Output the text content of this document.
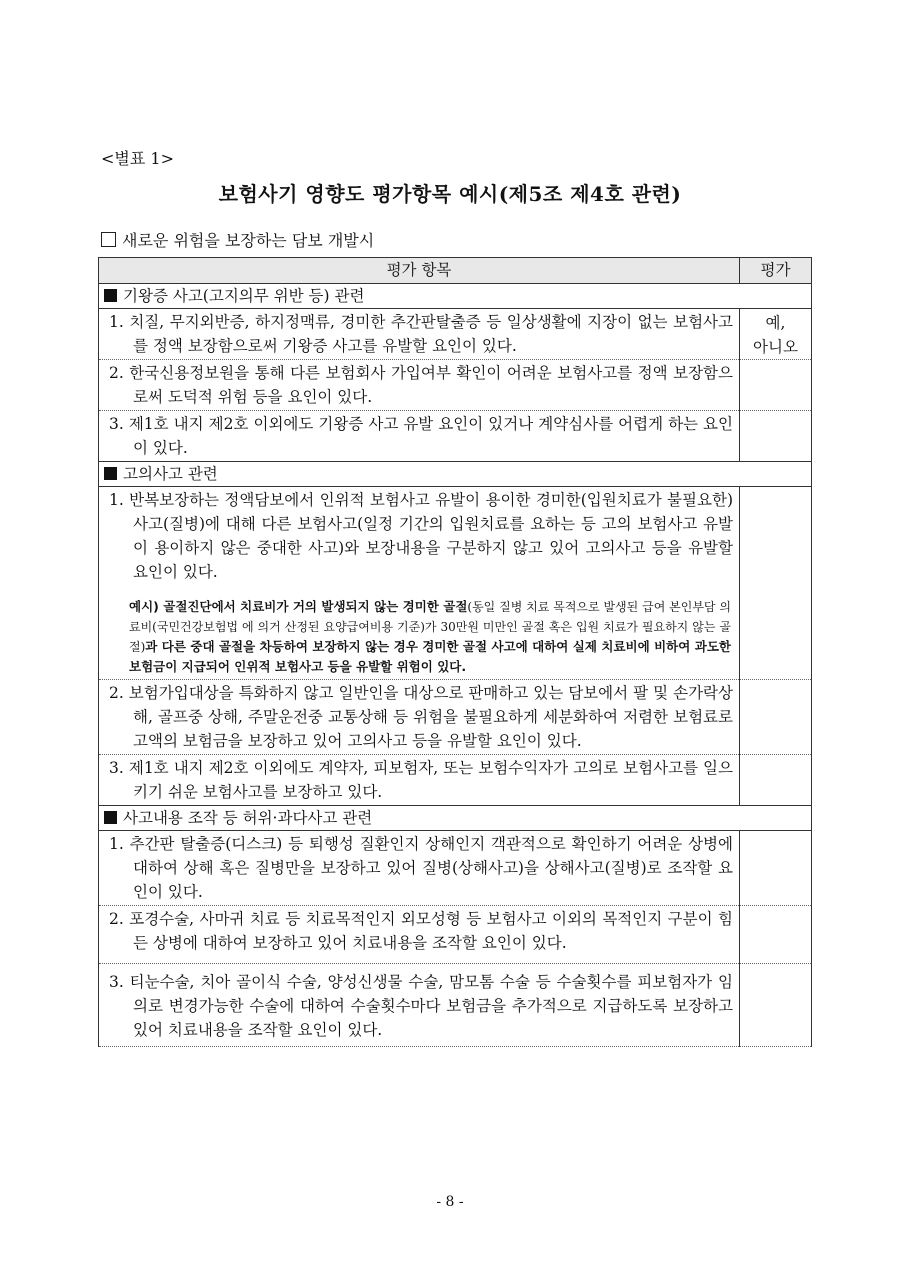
<별표 1>
보험사기 영향도 평가항목 예시(제5조 제4호 관련)
새로운 위험을 보장하는 담보 개발시
평가 항목	평가
기왕증 사고(고지의무 위반 등) 관련	

1. 치질, 무지외반증, 하지정맥류, 경미한 추간판탈출증 등 일상생활에 지장이 없는 보험사고를 정액 보장함으로써 기왕증 사고를 유발할 요인이 있다.	예,
아니오

2. 한국신용정보원을 통해 다른 보험회사 가입여부 확인이 어려운 보험사고를 정액 보장함으로써 도덕적 위험 등을 요인이 있다.	

3. 제1호 내지 제2호 이외에도 기왕증 사고 유발 요인이 있거나 계약심사를 어렵게 하는 요인이 있다.	

고의사고 관련	

1. 반복보장하는 정액담보에서 인위적 보험사고 유발이 용이한 경미한(입원치료가 불필요한) 사고(질병)에 대해 다른 보험사고(일정 기간의 입원치료를 요하는 등 고의 보험사고 유발이 용이하지 않은 중대한 사고)와 보장내용을 구분하지 않고 있어 고의사고 등을 유발할 요인이 있다.
예시) 골절진단에서 치료비가 거의 발생되지 않는 경미한 골절(동일 질병 치료 목적으로 발생된 급여 본인부담 의료비(국민건강보험법 에 의거 산정된 요양급여비용 기준)가 30만원 미만인 골절 혹은 입원 치료가 필요하지 않는 골절)과 다른 중대 골절을 차등하여 보장하지 않는 경우 경미한 골절 사고에 대하여 실제 치료비에 비하여 과도한 보험금이 지급되어 인위적 보험사고 등을 유발할 위험이 있다.	

2. 보험가입대상을 특화하지 않고 일반인을 대상으로 판매하고 있는 담보에서 팔 및 손가락상해, 골프중 상해, 주말운전중 교통상해 등 위험을 불필요하게 세분화하여 저렴한 보험료로 고액의 보험금을 보장하고 있어 고의사고 등을 유발할 요인이 있다.	

3. 제1호 내지 제2호 이외에도 계약자, 피보험자, 또는 보험수익자가 고의로 보험사고를 일으키기 쉬운 보험사고를 보장하고 있다.	

사고내용 조작 등 허위·과다사고 관련	

1. 추간판 탈출증(디스크) 등 퇴행성 질환인지 상해인지 객관적으로 확인하기 어려운 상병에 대하여 상해 혹은 질병만을 보장하고 있어 질병(상해사고)을 상해사고(질병)로 조작할 요인이 있다.	

2. 포경수술, 사마귀 치료 등 치료목적인지 외모성형 등 보험사고 이외의 목적인지 구분이 힘든 상병에 대하여 보장하고 있어 치료내용을 조작할 요인이 있다.	

3. 티눈수술, 치아 골이식 수술, 양성신생물 수술, 맘모톰 수술 등 수술횟수를 피보험자가 임의로 변경가능한 수술에 대하여 수술횟수마다 보험금을 추가적으로 지급하도록 보장하고 있어 치료내용을 조작할 요인이 있다.	

- 8 -
